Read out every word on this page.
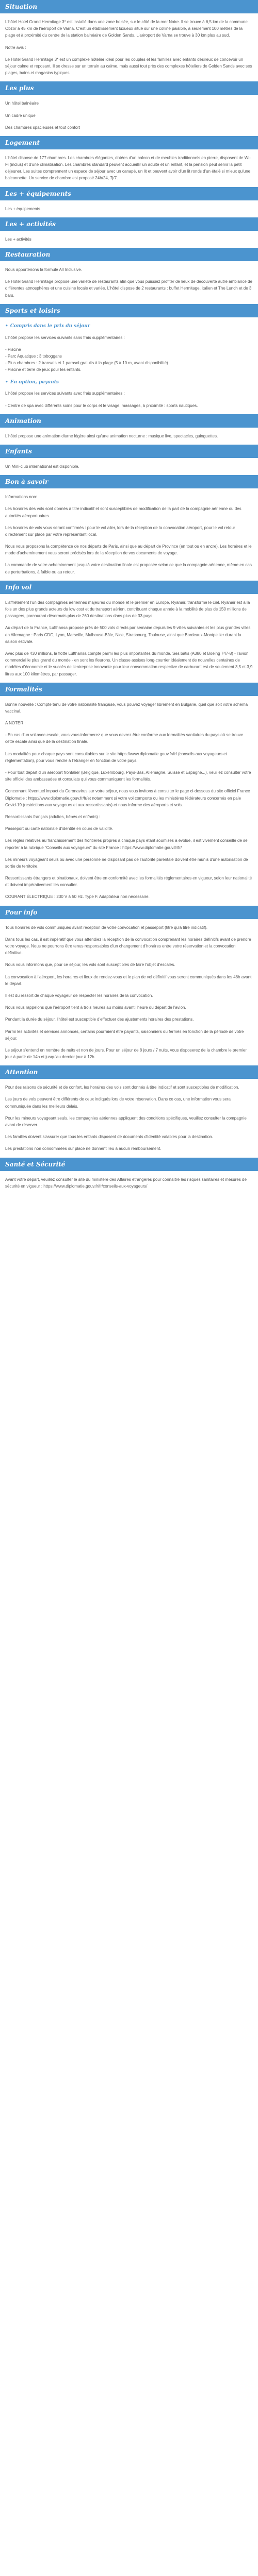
Situation

L'hôtel Hotel Grand Hermitage 3* est installé dans une zone boisée, sur le côté de la mer Noire. Il se trouve à 6,5 km de la commune Obzor à 45 km de l'aéroport de Varna. C'est un établissement luxueux situé sur une colline paisible, à seulement 100 mètres de la plage et à proximité du centre de la station balnéaire de Golden Sands. L'aéroport de Varna se trouve à 30 km plus au sud.

Notre avis :

Le Hotel Grand Hermitage 3* est un complexe hôtelier idéal pour les couples et les familles avec enfants désireux de concevoir un séjour calme et reposant. Il se dresse sur un terrain au calme, mais aussi tout près des complexes hôteliers de Golden Sands avec ses plages, bains et magasins typiques.

Les plus

Un hôtel balnéaire

Un cadre unique

Des chambres spacieuses et tout confort

Logement

L'hôtel dispose de 177 chambres. Les chambres élégantes, dotées d'un balcon et de meubles traditionnels en pierre, disposent de Wi-Fi (inclus) et d'une climatisation. Les chambres standard peuvent accueillir un adulte et un enfant, et la pension peut servir la petit déjeuner. Les suites comprennent un espace de séjour avec un canapé, un lit et peuvent avoir d'un lit ronds d'un étalé si mieux qu'une balconnette. Un service de chambre est proposé 24h/24, 7j/7.

Les + équipements

Les + équipements

Les + activités

Les + activités

Restauration

Nous apportenons la formule All Inclusive.

Le Hotel Grand Hermitage propose une variété de restaurants afin que vous puissiez profiter de lieux de découverte autre ambiance de différentes atmosphères et une cuisine locale et variée. L'hôtel dispose de 2 restaurants : buffet Hermitage, italien et The Lunch et de 3 bars.

Sports et loisirs
• Compris dans le prix du séjour

L'hôtel propose les services suivants sans frais supplémentaires :

- Piscine
- Parc Aquatique : 3 toboggans
- Plus chambres : 2 transats et 1 parasol gratuits à la plage (5 à 10 m, avant disponibilité)
- Piscine et terre de jeux pour les enfants.

• En option, payants

L'hôtel propose les services suivants avec frais supplémentaires :

- Centre de spa avec différents soins pour le corps et le visage, massages, à proximité : sports nautiques.

Animation

L'hôtel propose une animation diurne légère ainsi qu'une animation nocturne : musique live, spectacles, guinguettes.

Enfants

Un Mini-club international est disponible.

Bon à savoir

Informations non:

Les horaires des vols sont donnés à titre indicatif et sont susceptibles de modification de la part de la compagnie aérienne ou des autorités aéroportuaires.

Les horaires de vols vous seront confirmés : pour le vol aller, lors de la réception de la convocation aéroport, pour le vol retour directement sur place par votre représentant local.

Nous vous proposons la compétence de nos départs de Paris, ainsi que au départ de Province (en tout ou en ancre). Les horaires et le mode d'acheminement vous seront précisés lors de la réception de vos documents de voyage.

La commande de votre acheminement jusqu'à votre destination finale est proposée selon ce que la compagnie aérienne, même en cas de perturbations, à faible ou au retour.

Info vol

L'affrètement l'un des compagnies aériennes majeures du monde et le premier en Europe, Ryanair, transforme le ciel. Ryanair est à la fois un des plus grands acteurs du low cost et du transport aérien, contribuant chaque année à la mobilité de plus de 150 millions de passagers, parcourant désormais plus de 260 destinations dans plus de 33 pays.

Au départ de la France, Lufthansa propose près de 500 vols directs par semaine depuis les 9 villes suivantes et les plus grandes villes en Allemagne : Paris CDG, Lyon, Marseille, Mulhouse-Bâle, Nice, Strasbourg, Toulouse, ainsi que Bordeaux-Montpellier durant la saison estivale.

Avec plus de 430 millions, la flotte Lufthansa compte parmi les plus importantes du monde. Ses bâtis (A380 et Boeing 747-8) - l'avion commercial le plus grand du monde - en sont les fleurons. Un classe assises long-courrier idéalement de nouvelles centaines de modèles d'économie et le succès de l'entreprise innovante pour leur consommation respective de carburant est de seulement 3,5 et 3,9 litres aux 100 kilomètres, par passager.

Formalités

Bonne nouvelle : Compte tenu de votre nationalité française, vous pouvez voyager librement en Bulgarie, quel que soit votre schéma vaccinal.

A NOTER :

- En cas d'un vol avec escale, vous vous informerez que vous devrez être conforme aux formalités sanitaires du pays où se trouve cette escale ainsi que de la destination finale.

Les modalités pour chaque pays sont consultables sur le site https://www.diplomatie.gouv.fr/fr/ (conseils aux voyageurs et réglementation), pour vous rendre à l'étranger en fonction de votre pays.

- Pour tout départ d'un aéroport frontalier (Belgique, Luxembourg, Pays-Bas, Allemagne, Suisse et Espagne...), veuillez consulter votre site officiel des ambassades et consulats qui vous communiquent les formalités.

Concernant l'éventuel impact du Coronavirus sur votre séjour, nous vous invitons à consulter le page ci-dessous du site officiel France Diplomatie : https://www.diplomatie.gouv.fr/fr/et notamment si votre vol comporte ou les ministères fédérateurs concernés en pale Covid-19 (restrictions aux voyageurs et aux ressortissants) et nous informe des aéroports et vols.

Ressortissants français (adultes, bébés et enfants) :

Passeport ou carte nationale d'identité en cours de validité.

Les règles relatives au franchissement des frontières propres à chaque pays étant soumises à évolue, il est vivement conseillé de se reporter à la rubrique "Conseils aux voyageurs" du site France : https://www.diplomatie.gouv.fr/fr/

Les mineurs voyageant seuls ou avec une personne ne disposant pas de l'autorité parentale doivent être munis d'une autorisation de sortie de territoire.

Ressortissants étrangers et binationaux, doivent être en conformité avec les formalités réglementaires en vigueur, selon leur nationalité et doivent impérativement les consulter.

COURANT ÉLECTRIQUE : 230 V à 50 Hz. Type F. Adaptateur non nécessaire.

Pour info

Tous horaires de vols communiqués avant réception de votre convocation et passeport (titre qu'à titre indicatif).

Dans tous les cas, il est impératif que vous attendiez la réception de la convocation comprenant les horaires définitifs avant de prendre votre voyage. Nous ne pourrons être tenus responsables d'un changement d'horaires entre votre réservation et la convocation définitive.

Nous vous informons que, pour ce séjour, les vols sont susceptibles de faire l'objet d'escales.

La convocation à l'aéroport, les horaires et lieux de rendez-vous et le plan de vol définitif vous seront communiqués dans les 48h avant le départ.

Il est du ressort de chaque voyageur de respecter les horaires de la convocation.

Nous vous rappelons que l'aéroport tient à trois heures au moins avant l'heure du départ de l'avion.

Pendant la durée du séjour, l'hôtel est susceptible d'effectuer des ajustements horaires des prestations.

Parmi les activités et services annoncés, certains pourraient être payants, saisonniers ou fermés en fonction de la période de votre séjour.

Le séjour s'entend en nombre de nuits et non de jours. Pour un séjour de 8 jours / 7 nuits, vous disposerez de la chambre le premier jour à partir de 14h et jusqu'au dernier jour à 12h.

Attention

Pour des raisons de sécurité et de confort, les horaires des vols sont donnés à titre indicatif et sont susceptibles de modification.

Les jours de vols peuvent être différents de ceux indiqués lors de votre réservation. Dans ce cas, une information vous sera communiquée dans les meilleurs délais.

Pour les mineurs voyageant seuls, les compagnies aériennes appliquent des conditions spécifiques, veuillez consulter la compagnie avant de réserver.

Les familles doivent s'assurer que tous les enfants disposent de documents d'identité valables pour la destination.

Les prestations non consommées sur place ne donnent lieu à aucun remboursement.

Santé et Sécurité

Avant votre départ, veuillez consulter le site du ministère des Affaires étrangères pour connaître les risques sanitaires et mesures de sécurité en vigueur : https://www.diplomatie.gouv.fr/fr/conseils-aux-voyageurs/
